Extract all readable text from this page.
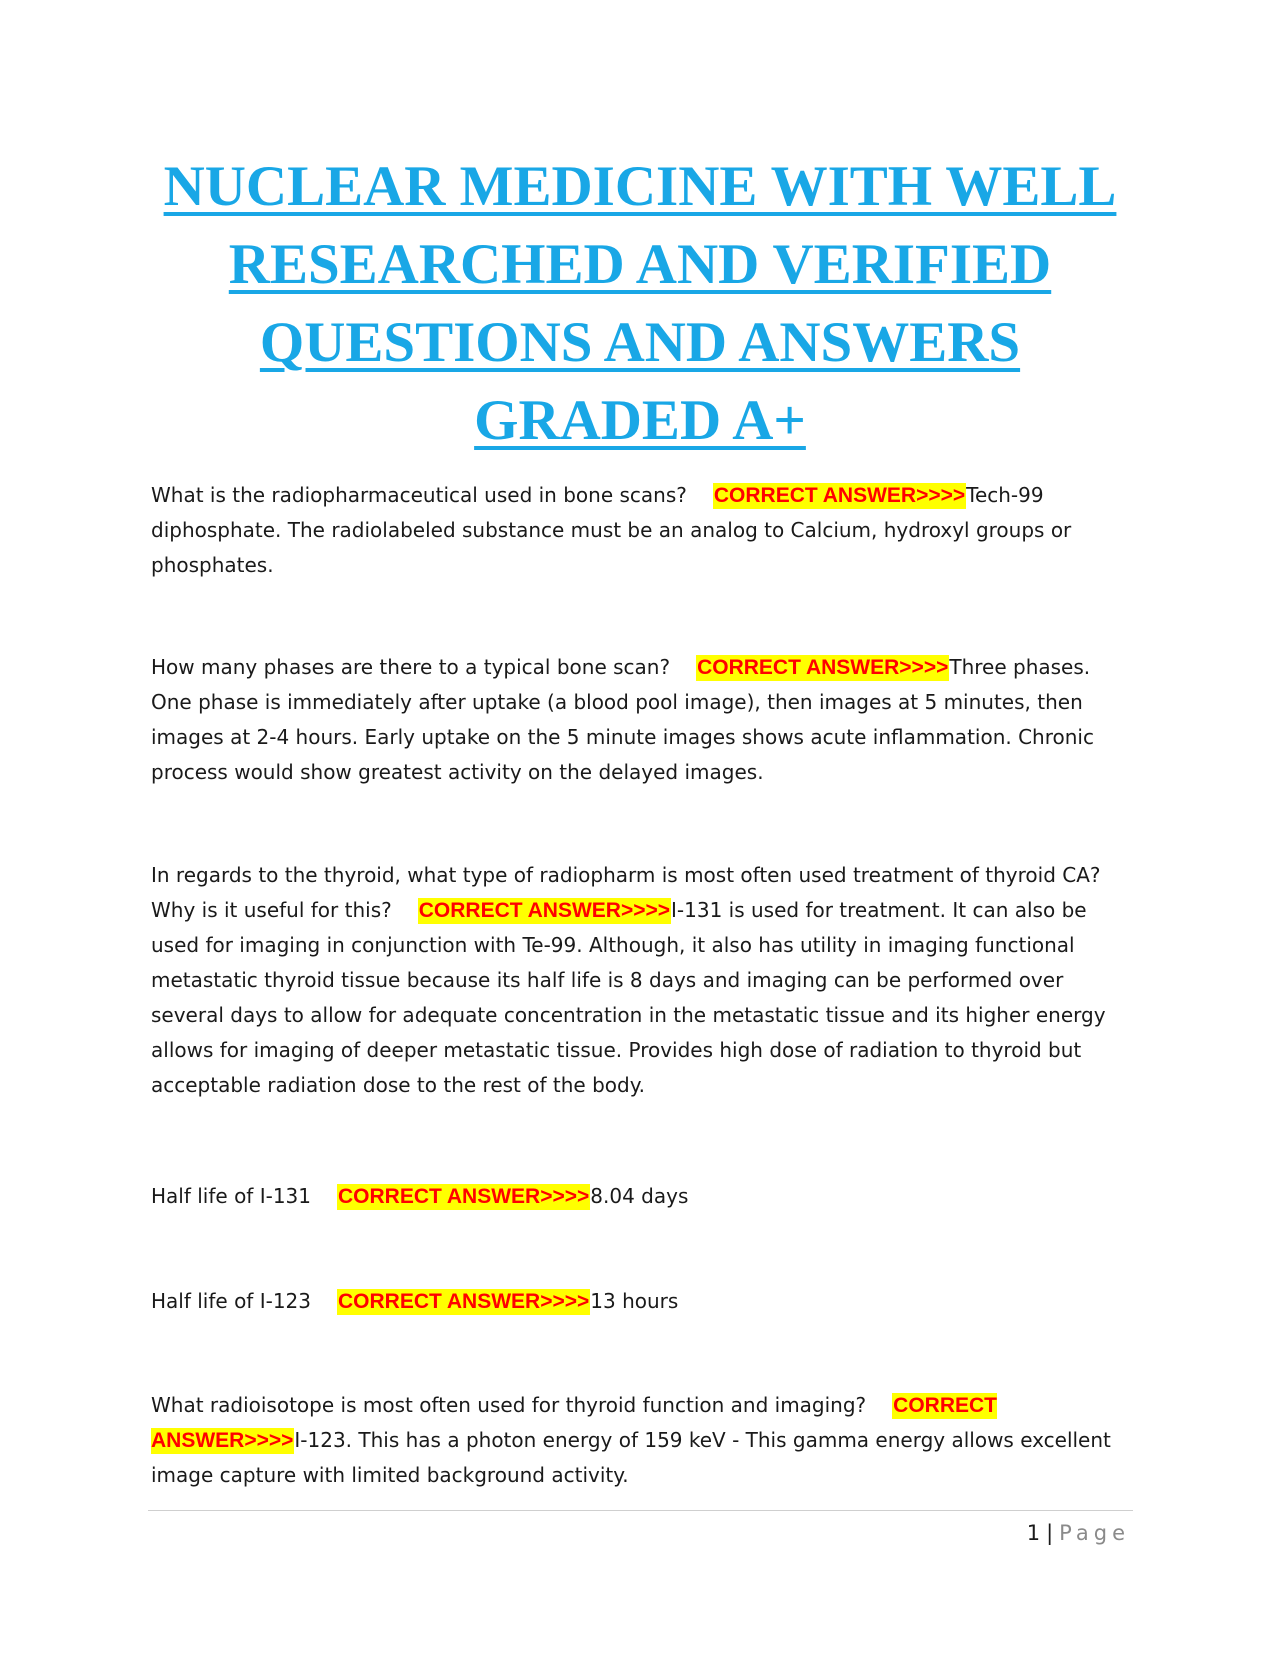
NUCLEAR MEDICINE WITH WELL RESEARCHED AND VERIFIED QUESTIONS AND ANSWERS GRADED A+

What is the radiopharmaceutical used in bone scans? CORRECT ANSWER>>>>Tech-99 diphosphate. The radiolabeled substance must be an analog to Calcium, hydroxyl groups or phosphates.

How many phases are there to a typical bone scan? CORRECT ANSWER>>>>Three phases. One phase is immediately after uptake (a blood pool image), then images at 5 minutes, then images at 2-4 hours. Early uptake on the 5 minute images shows acute inflammation. Chronic process would show greatest activity on the delayed images.

In regards to the thyroid, what type of radiopharm is most often used treatment of thyroid CA? Why is it useful for this? CORRECT ANSWER>>>>I-131 is used for treatment. It can also be used for imaging in conjunction with Te-99. Although, it also has utility in imaging functional metastatic thyroid tissue because its half life is 8 days and imaging can be performed over several days to allow for adequate concentration in the metastatic tissue and its higher energy allows for imaging of deeper metastatic tissue. Provides high dose of radiation to thyroid but acceptable radiation dose to the rest of the body.

Half life of I-131 CORRECT ANSWER>>>>8.04 days

Half life of I-123 CORRECT ANSWER>>>>13 hours

What radioisotope is most often used for thyroid function and imaging? CORRECT ANSWER>>>>I-123. This has a photon energy of 159 keV - This gamma energy allows excellent image capture with limited background activity.

1 | Page
